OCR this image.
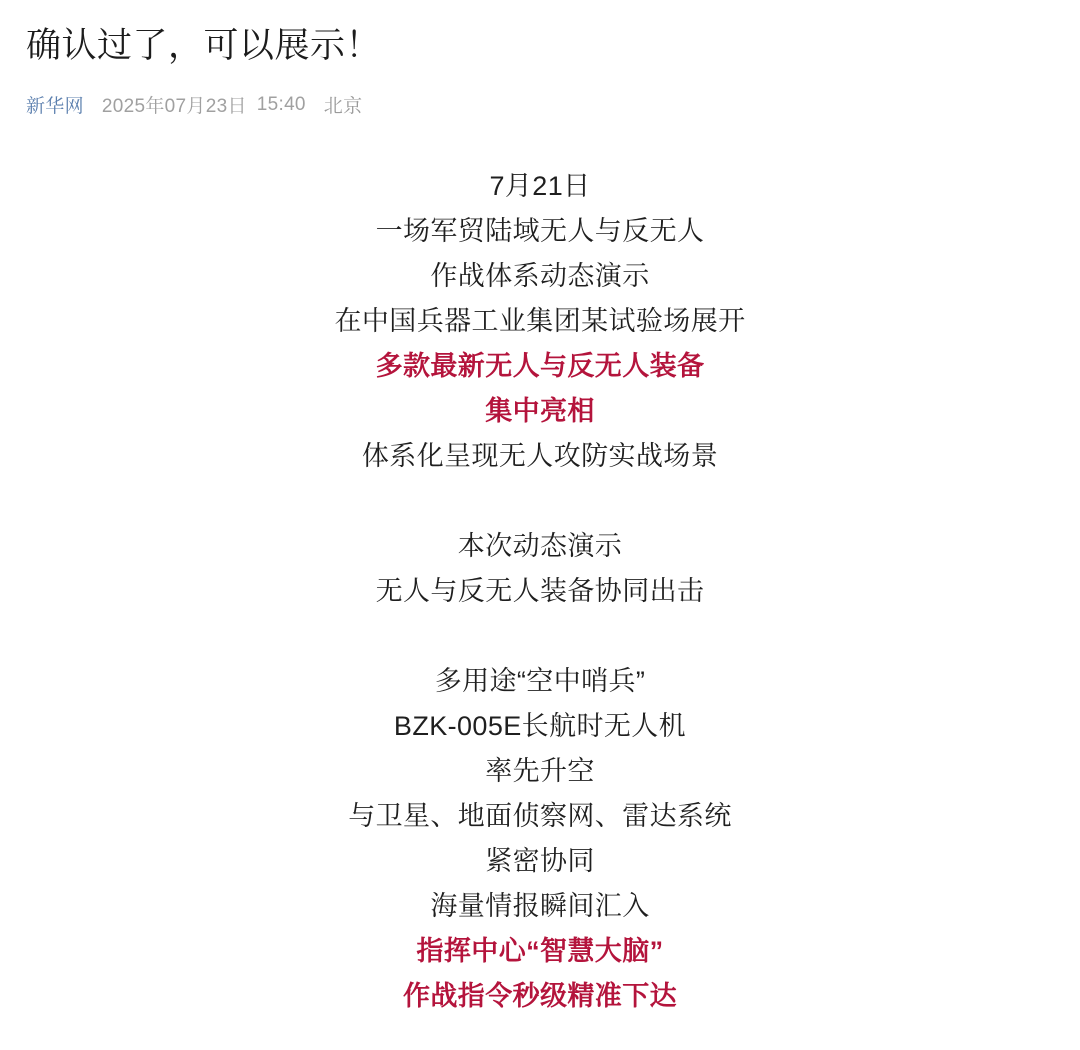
确认过了，可以展示！
新华网 2025年07月23日 15:40 北京

7月21日

一场军贸陆域无人与反无人

作战体系动态演示

在中国兵器工业集团某试验场展开

多款最新无人与反无人装备

集中亮相

体系化呈现无人攻防实战场景

本次动态演示

无人与反无人装备协同出击

多用途“空中哨兵”

BZK-005E长航时无人机

率先升空

与卫星、地面侦察网、雷达系统

紧密协同

海量情报瞬间汇入

指挥中心“智慧大脑”

作战指令秒级精准下达
